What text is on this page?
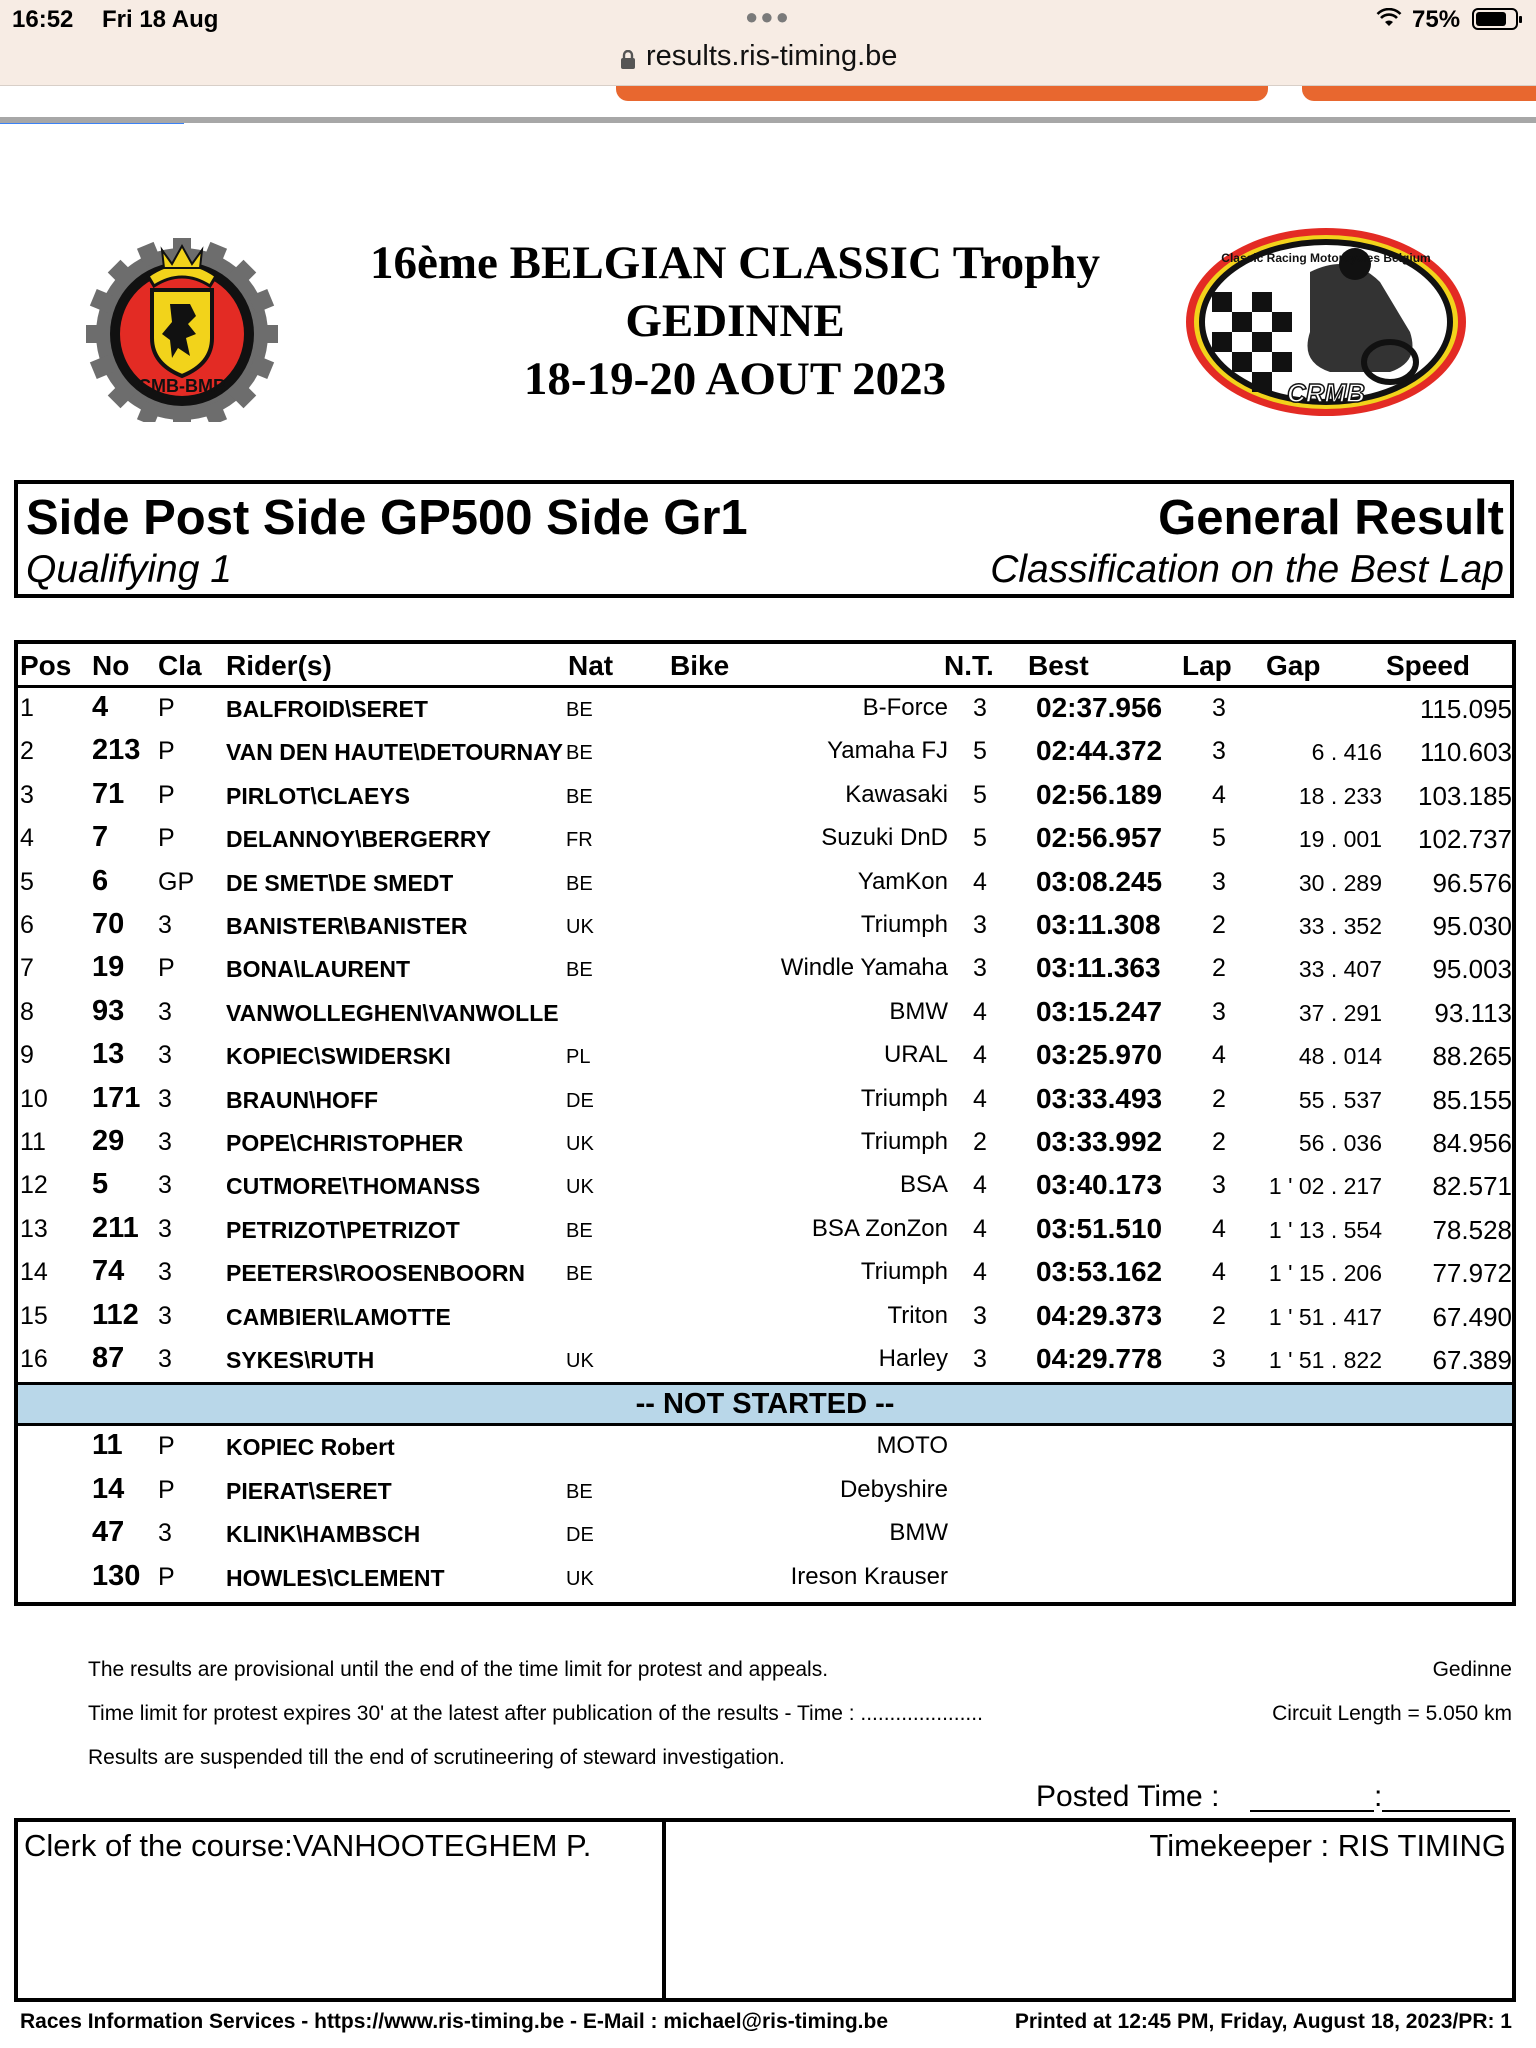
16:52 Fri 18 Aug	●●●	75%
results.ris-timing.be
CMB-BMB
16ème BELGIAN CLASSIC Trophy
GEDINNE
18-19-20 AOUT 2023
Classic Racing Motorcycles Belgium
CRMB
Side Post Side GP500 Side Gr1
Qualifying 1
General Result
Classification on the Best Lap
Pos No Cla Rider(s)	Nat Bike	N.T. Best	Lap Gap Speed
1 4 P BALFROID\SERET	BE	B-Force 3 02:37.956 3	115.095
2 213 P VAN DEN HAUTE\DETOURNAY BE	Yamaha FJ 5 02:44.372 3	6 . 416 110.603
3 71 P PIRLOT\CLAEYS	BE	Kawasaki 5 02:56.189 4	18 . 233 103.185
4 7 P DELANNOY\BERGERRY	FR	Suzuki DnD 5 02:56.957 5	19 . 001 102.737
5 6 GP DE SMET\DE SMEDT	BE	YamKon 4 03:08.245 3	30 . 289 96.576
6 70 3 BANISTER\BANISTER	UK	Triumph 3 03:11.308 2	33 . 352 95.030
7 19 P BONA\LAURENT	BE	Windle Yamaha 3 03:11.363 2	33 . 407 95.003
8 93 3 VANWOLLEGHEN\VANWOLLE	BMW 4 03:15.247 3	37 . 291 93.113
9 13 3 KOPIEC\SWIDERSKI	PL	URAL 4 03:25.970 4	48 . 014 88.265
10 171 3 BRAUN\HOFF	DE	Triumph 4 03:33.493 2	55 . 537 85.155
11 29 3 POPE\CHRISTOPHER	UK	Triumph 2 03:33.992 2	56 . 036 84.956
12 5 3 CUTMORE\THOMANSS	UK	BSA 4 03:40.173 3 1 ' 02 . 217 82.571
13 211 3 PETRIZOT\PETRIZOT	BE	BSA ZonZon 4 03:51.510 4 1 ' 13 . 554 78.528
14 74 3 PEETERS\ROOSENBOORN BE	Triumph 4 03:53.162 4 1 ' 15 . 206 77.972
15 112 3 CAMBIER\LAMOTTE	Triton 3 04:29.373 2 1 ' 51 . 417 67.490
16 87 3 SYKES\RUTH	UK	Harley 3 04:29.778 3 1 ' 51 . 822 67.389
-- NOT STARTED --
11 P KOPIEC Robert	MOTO
14 P PIERAT\SERET	BE	Debyshire
47 3 KLINK\HAMBSCH	DE	BMW
130 P HOWLES\CLEMENT	UK	Ireson Krauser
The results are provisional until the end of the time limit for protest and appeals.
Time limit for protest expires 30' at the latest after publication of the results - Time : .....................
Results are suspended till the end of scrutineering of steward investigation.
Gedinne
Circuit Length = 5.050 km
Posted Time :	:
Clerk of the course:VANHOOTEGHEM P.	Timekeeper : RIS TIMING
Races Information Services - https://www.ris-timing.be - E-Mail : michael@ris-timing.be	Printed at 12:45 PM, Friday, August 18, 2023/PR: 1
